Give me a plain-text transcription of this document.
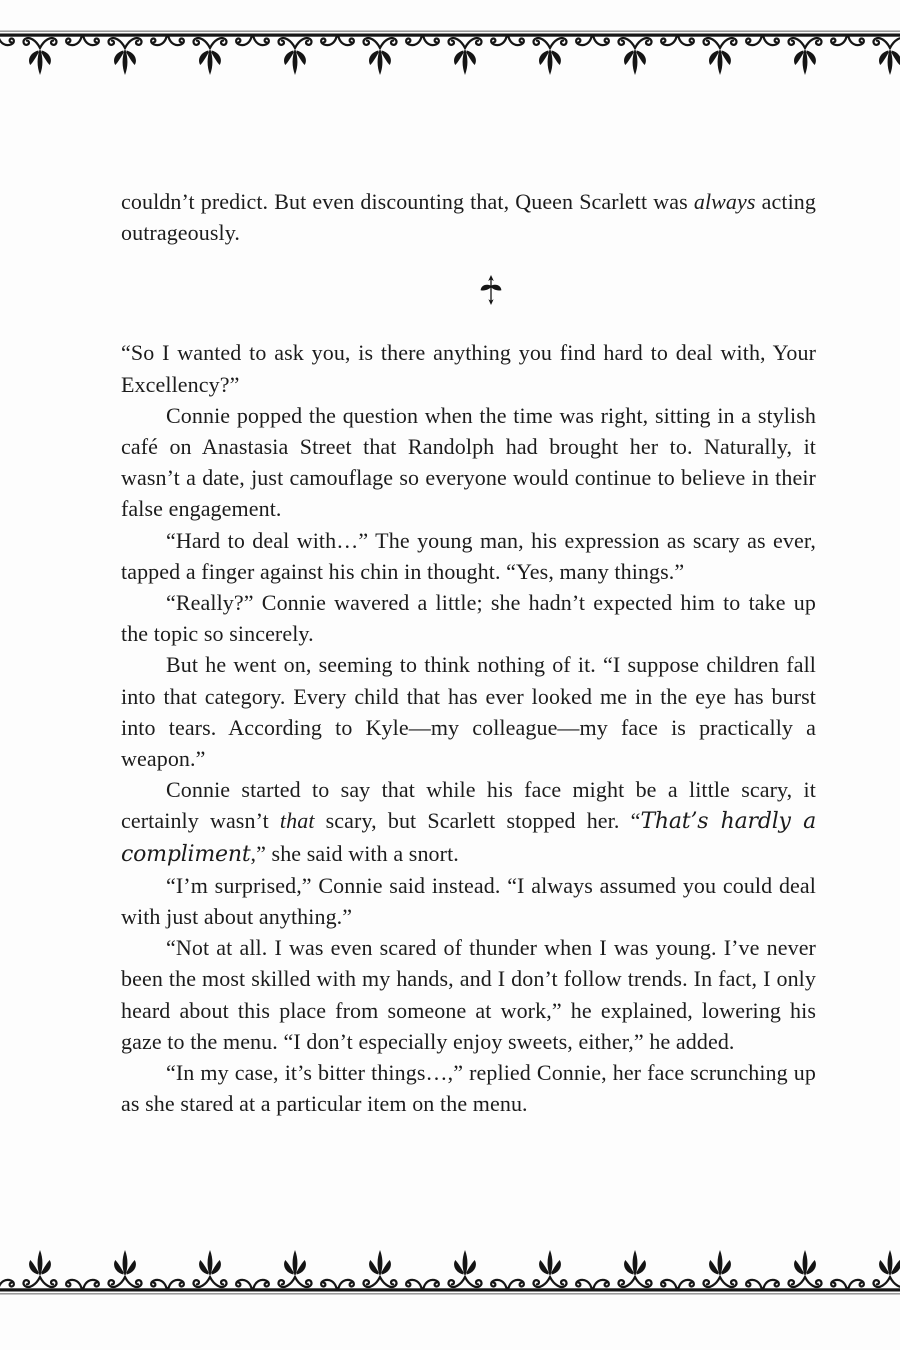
couldn’t predict. But even discounting that, Queen Scarlett was always acting outrageously.

“So I wanted to ask you, is there anything you find hard to deal with, Your Excellency?”

Connie popped the question when the time was right, sitting in a stylish café on Anastasia Street that Randolph had brought her to. Naturally, it wasn’t a date, just camouflage so everyone would continue to believe in their false engagement.

“Hard to deal with…” The young man, his expression as scary as ever, tapped a finger against his chin in thought. “Yes, many things.”

“Really?” Connie wavered a little; she hadn’t expected him to take up the topic so sincerely.

But he went on, seeming to think nothing of it. “I suppose children fall into that category. Every child that has ever looked me in the eye has burst into tears. According to Kyle—my colleague—my face is practically a weapon.”

Connie started to say that while his face might be a little scary, it certainly wasn’t that scary, but Scarlett stopped her. “That’s hardly a compliment,” she said with a snort.

“I’m surprised,” Connie said instead. “I always assumed you could deal with just about anything.”

“Not at all. I was even scared of thunder when I was young. I’ve never been the most skilled with my hands, and I don’t follow trends. In fact, I only heard about this place from someone at work,” he explained, lowering his gaze to the menu. “I don’t especially enjoy sweets, either,” he added.

“In my case, it’s bitter things…,” replied Connie, her face scrunching up as she stared at a particular item on the menu.
